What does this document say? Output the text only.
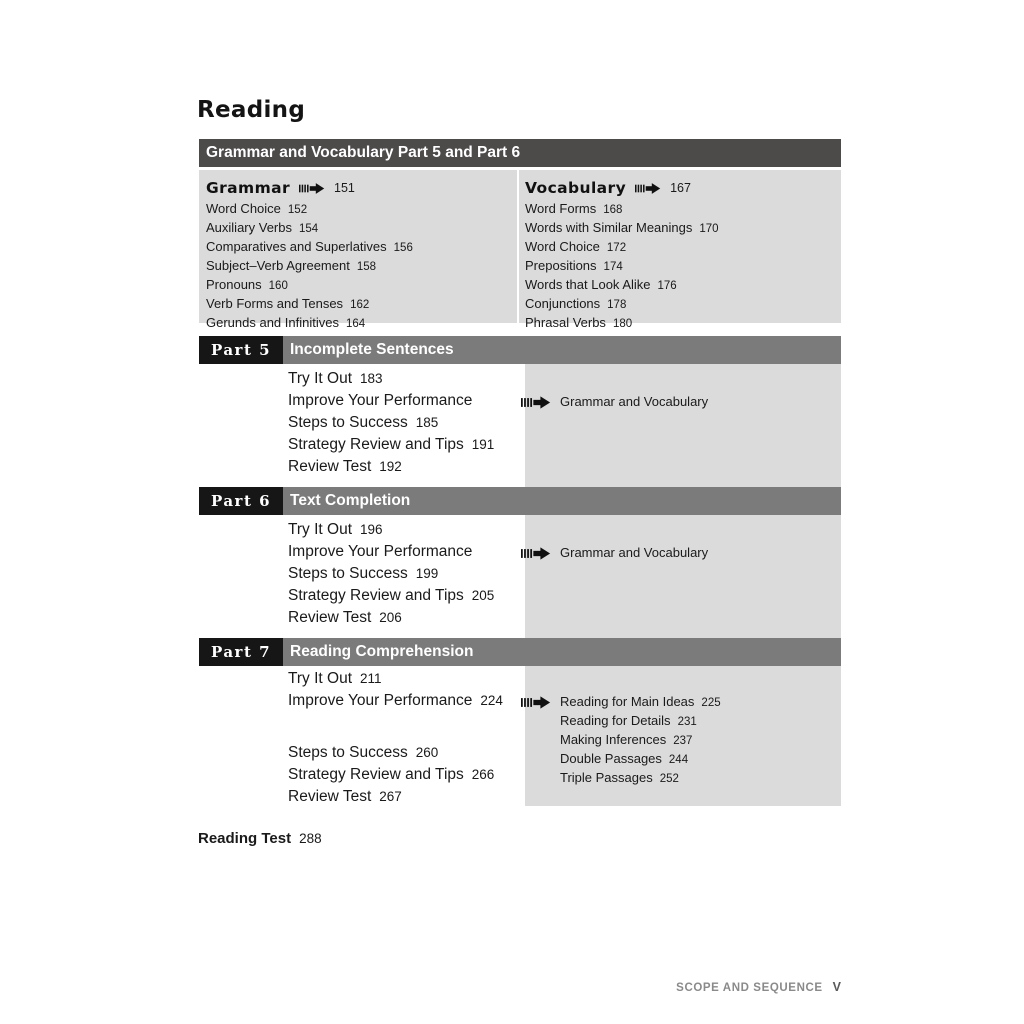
Reading
Grammar and Vocabulary Part 5 and Part 6
Grammar	151
Word Choice 152
Auxiliary Verbs 154
Comparatives and Superlatives 156
Subject–Verb Agreement 158
Pronouns 160
Verb Forms and Tenses 162
Gerunds and Infinitives 164
Vocabulary	167
Word Forms 168
Words with Similar Meanings 170
Word Choice 172
Prepositions 174
Words that Look Alike 176
Conjunctions 178
Phrasal Verbs 180
Part 5	Incomplete Sentences
Try It Out 183
Improve Your Performance
Steps to Success 185
Strategy Review and Tips 191
Review Test 192
Grammar and Vocabulary
Part 6	Text Completion
Try It Out 196
Improve Your Performance
Steps to Success 199
Strategy Review and Tips 205
Review Test 206
Grammar and Vocabulary
Part 7	Reading Comprehension
Try It Out 211
Improve Your Performance 224
Steps to Success 260
Strategy Review and Tips 266
Review Test 267
Reading for Main Ideas 225
Reading for Details 231
Making Inferences 237
Double Passages 244
Triple Passages 252
Reading Test 288
SCOPE AND SEQUENCE V
